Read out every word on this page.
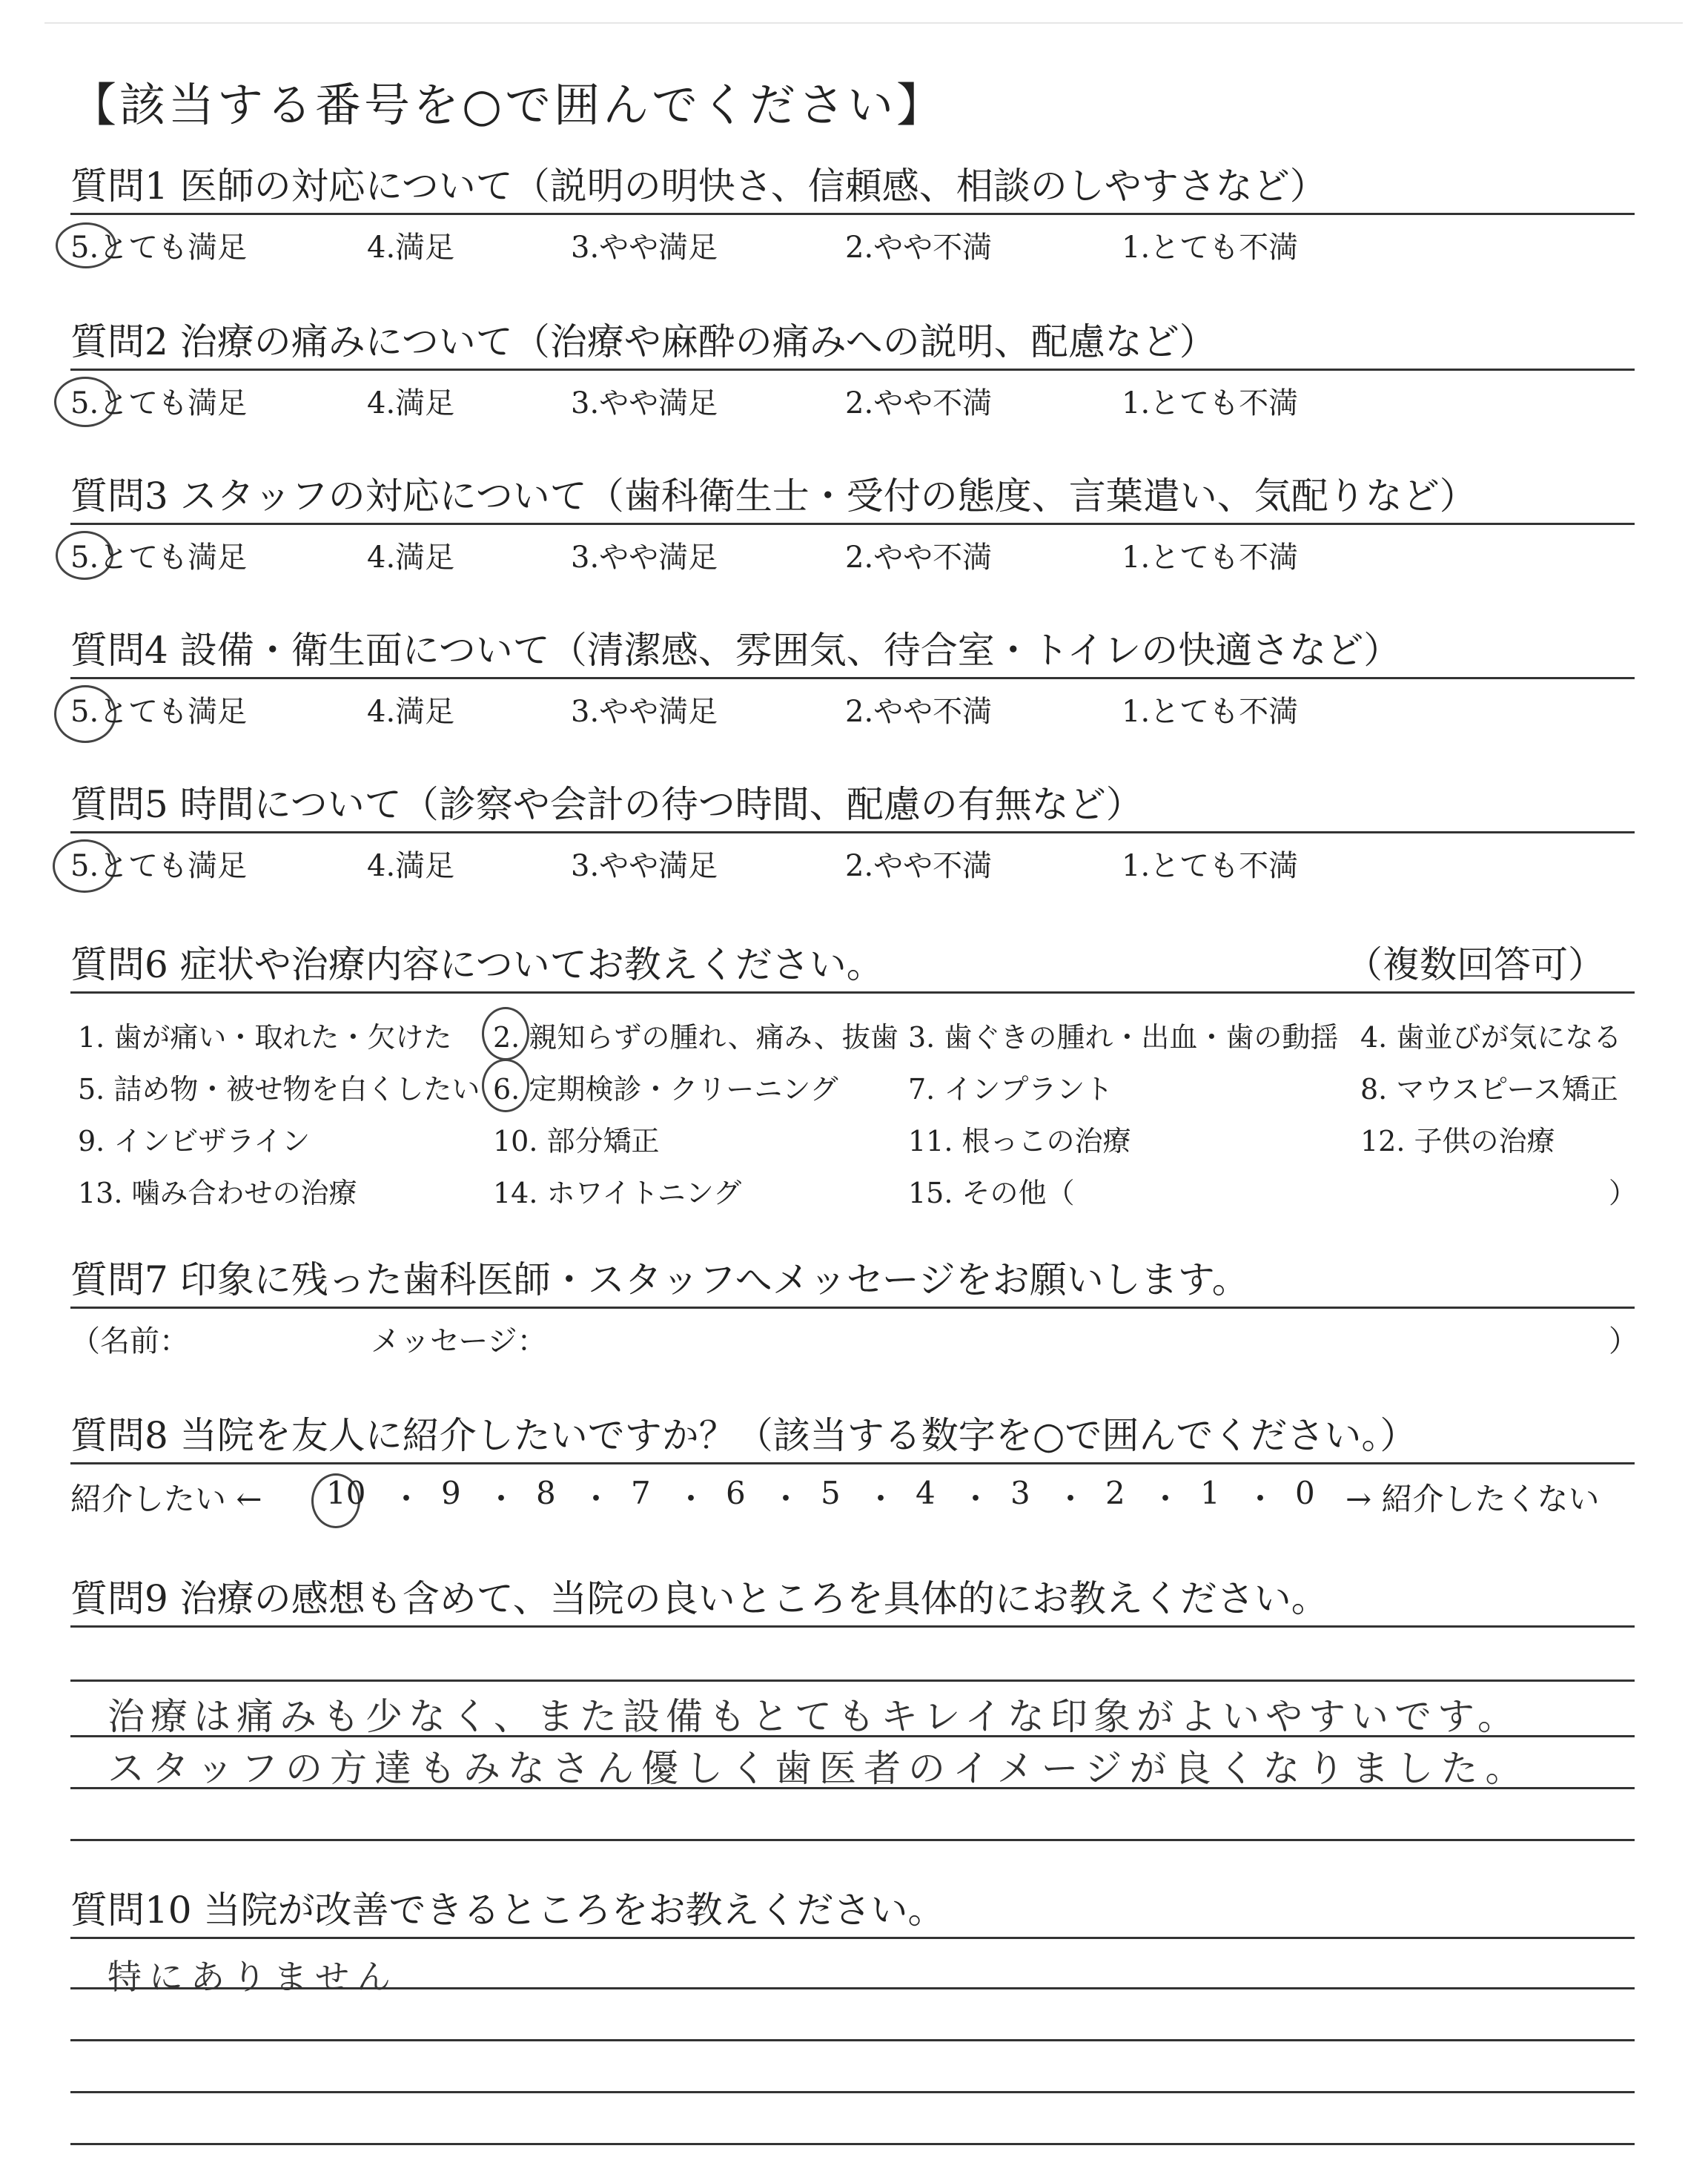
【該当する番号を○で囲んでください】
質問1 医師の対応について（説明の明快さ、信頼感、相談のしやすさなど）
5.とても満足	4.満足	3.やや満足	2.やや不満	1.とても不満
質問2 治療の痛みについて（治療や麻酔の痛みへの説明、配慮など）
5.とても満足	4.満足	3.やや満足	2.やや不満	1.とても不満
質問3 スタッフの対応について（歯科衛生士・受付の態度、言葉遣い、気配りなど）
5.とても満足	4.満足	3.やや満足	2.やや不満	1.とても不満
質問4 設備・衛生面について（清潔感、雰囲気、待合室・トイレの快適さなど）
5.とても満足	4.満足	3.やや満足	2.やや不満	1.とても不満
質問5 時間について（診察や会計の待つ時間、配慮の有無など）
5.とても満足	4.満足	3.やや満足	2.やや不満	1.とても不満
質問6 症状や治療内容についてお教えください。	（複数回答可）
1. 歯が痛い・取れた・欠けた 2. 親知らずの腫れ、痛み、抜歯 3. 歯ぐきの腫れ・出血・歯の動揺 4. 歯並びが気になる
5. 詰め物・被せ物を白くしたい 6. 定期検診・クリーニング 7. インプラント	8. マウスピース矯正
9. インビザライン	10. 部分矯正	11. 根っこの治療	12. 子供の治療
13. 噛み合わせの治療	14. ホワイトニング	15. その他（	）
質問7 印象に残った歯科医師・スタッフへメッセージをお願いします。
（名前：	メッセージ：	）
質問8 当院を友人に紹介したいですか？（該当する数字を○で囲んでください。）
紹介したい ← 10 ・ 9 ・ 8 ・ 7 ・ 6 ・ 5 ・ 4 ・ 3 ・ 2 ・ 1 ・ 0 → 紹介したくない
質問9 治療の感想も含めて、当院の良いところを具体的にお教えください。
治療は痛みも少なく、また設備もとてもキレイな印象がよいやすいです。
スタッフの方達もみなさん優しく歯医者のイメージが良くなりました。
質問10 当院が改善できるところをお教えください。
特にありません
